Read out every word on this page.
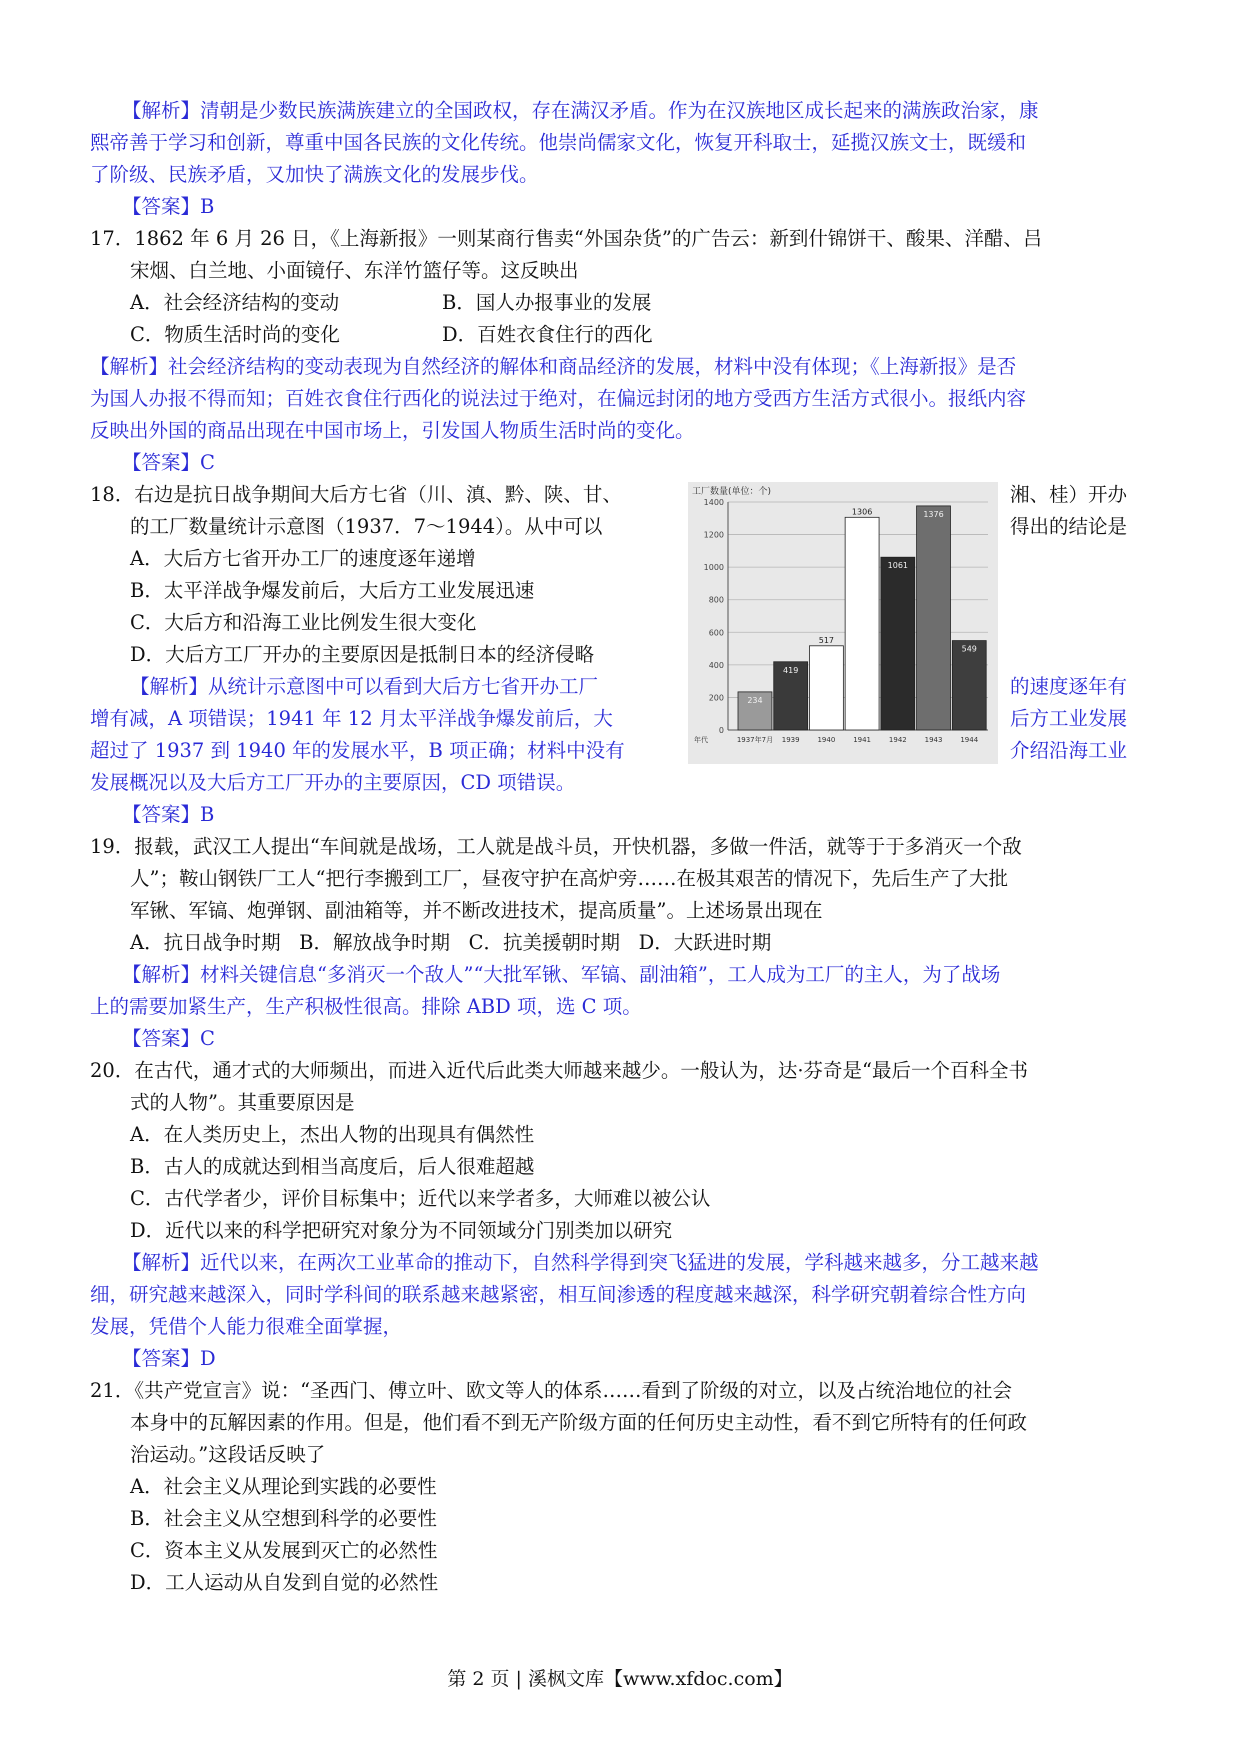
【解析】清朝是少数民族满族建立的全国政权，存在满汉矛盾。作为在汉族地区成长起来的满族政治家，康
熙帝善于学习和创新，尊重中国各民族的文化传统。他崇尚儒家文化，恢复开科取士，延揽汉族文士，既缓和
了阶级、民族矛盾，又加快了满族文化的发展步伐。
【答案】B
17．1862 年 6 月 26 日，《上海新报》一则某商行售卖“外国杂货”的广告云：新到什锦饼干、酸果、洋醋、吕
宋烟、白兰地、小面镜仔、东洋竹篮仔等。这反映出
A．社会经济结构的变动	B．国人办报事业的发展
C．物质生活时尚的变化	D．百姓衣食住行的西化
【解析】社会经济结构的变动表现为自然经济的解体和商品经济的发展，材料中没有体现；《上海新报》是否
为国人办报不得而知；百姓衣食住行西化的说法过于绝对，在偏远封闭的地方受西方生活方式很小。报纸内容
反映出外国的商品出现在中国市场上，引发国人物质生活时尚的变化。
【答案】C
18．右边是抗日战争期间大后方七省（川、滇、黔、陕、甘、	湘、桂）开办
的工厂数量统计示意图（1937．7～1944）。从中可以	得出的结论是
A．大后方七省开办工厂的速度逐年递增
B．太平洋战争爆发前后，大后方工业发展迅速
C．大后方和沿海工业比例发生很大变化
D．大后方工厂开办的主要原因是抵制日本的经济侵略
【解析】从统计示意图中可以看到大后方七省开办工厂	的速度逐年有
增有减，A 项错误；1941 年 12 月太平洋战争爆发前后，大	后方工业发展
超过了 1937 到 1940 年的发展水平，B 项正确；材料中没有	介绍沿海工业
发展概况以及大后方工厂开办的主要原因，CD 项错误。
【答案】B
工厂数量(单位：个)
0
200
400
600
800
1000
1200
1400
234
1937年7月
419
1939
517
1940
1306
1941
1061
1942
1376
1943
549
1944
年代
19．报载，武汉工人提出“车间就是战场，工人就是战斗员，开快机器，多做一件活，就等于于多消灭一个敌
人”；鞍山钢铁厂工人“把行李搬到工厂，昼夜守护在高炉旁……在极其艰苦的情况下，先后生产了大批
军锹、军镐、炮弹钢、副油箱等，并不断改进技术，提高质量”。上述场景出现在
A．抗日战争时期   B．解放战争时期   C．抗美援朝时期   D．大跃进时期
【解析】材料关键信息“多消灭一个敌人”“大批军锹、军镐、副油箱”，工人成为工厂的主人，为了战场
上的需要加紧生产，生产积极性很高。排除 ABD 项，选 C 项。
【答案】C
20．在古代，通才式的大师频出，而进入近代后此类大师越来越少。一般认为，达·芬奇是“最后一个百科全书
式的人物”。其重要原因是
A．在人类历史上，杰出人物的出现具有偶然性
B．古人的成就达到相当高度后，后人很难超越
C．古代学者少，评价目标集中；近代以来学者多，大师难以被公认
D．近代以来的科学把研究对象分为不同领域分门别类加以研究
【解析】近代以来，在两次工业革命的推动下，自然科学得到突飞猛进的发展，学科越来越多，分工越来越
细，研究越来越深入，同时学科间的联系越来越紧密，相互间渗透的程度越来越深，科学研究朝着综合性方向
发展，凭借个人能力很难全面掌握，
【答案】D
21．《共产党宣言》说：“圣西门、傅立叶、欧文等人的体系……看到了阶级的对立，以及占统治地位的社会
本身中的瓦解因素的作用。但是，他们看不到无产阶级方面的任何历史主动性，看不到它所特有的任何政
治运动。”这段话反映了
A．社会主义从理论到实践的必要性
B．社会主义从空想到科学的必要性
C．资本主义从发展到灭亡的必然性
D．工人运动从自发到自觉的必然性
第 2 页 | 溪枫文库【www.xfdoc.com】
